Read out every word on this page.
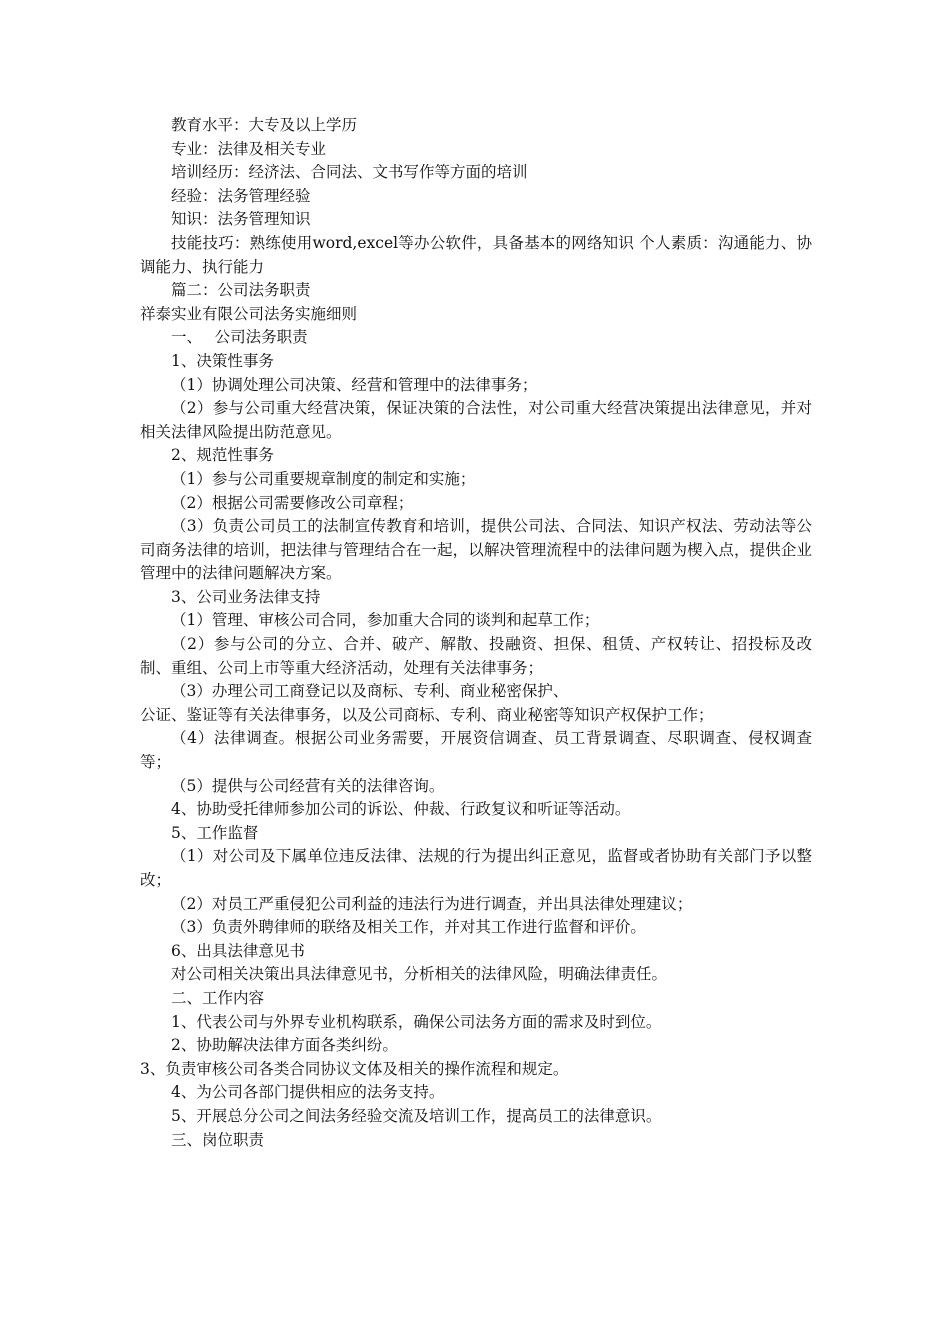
教育水平：大专及以上学历

专业：法律及相关专业

培训经历：经济法、合同法、文书写作等方面的培训

经验：法务管理经验

知识：法务管理知识

技能技巧：熟练使用word,excel等办公软件，具备基本的网络知识 个人素质：沟通能力、协调能力、执行能力

篇二：公司法务职责

祥泰实业有限公司法务实施细则

一、　 公司法务职责

1、决策性事务

（1）协调处理公司决策、经营和管理中的法律事务；

（2）参与公司重大经营决策，保证决策的合法性，对公司重大经营决策提出法律意见，并对相关法律风险提出防范意见。

2、规范性事务

（1）参与公司重要规章制度的制定和实施；

（2）根据公司需要修改公司章程；

（3）负责公司员工的法制宣传教育和培训，提供公司法、合同法、知识产权法、劳动法等公司商务法律的培训，把法律与管理结合在一起，以解决管理流程中的法律问题为楔入点，提供企业管理中的法律问题解决方案。

3、公司业务法律支持

（1）管理、审核公司合同，参加重大合同的谈判和起草工作；

（2）参与公司的分立、合并、破产、解散、投融资、担保、租赁、产权转让、招投标及改制、重组、公司上市等重大经济活动，处理有关法律事务；

（3）办理公司工商登记以及商标、专利、商业秘密保护、

公证、鉴证等有关法律事务，以及公司商标、专利、商业秘密等知识产权保护工作；

（4）法律调查。根据公司业务需要，开展资信调查、员工背景调查、尽职调查、侵权调查等；

（5）提供与公司经营有关的法律咨询。

4、协助受托律师参加公司的诉讼、仲裁、行政复议和听证等活动。

5、工作监督

（1）对公司及下属单位违反法律、法规的行为提出纠正意见，监督或者协助有关部门予以整改；

（2）对员工严重侵犯公司利益的违法行为进行调查，并出具法律处理建议；

（3）负责外聘律师的联络及相关工作，并对其工作进行监督和评价。

6、出具法律意见书

对公司相关决策出具法律意见书，分析相关的法律风险，明确法律责任。

二、工作内容

1、代表公司与外界专业机构联系，确保公司法务方面的需求及时到位。

2、协助解决法律方面各类纠纷。

3、负责审核公司各类合同协议文体及相关的操作流程和规定。

4、为公司各部门提供相应的法务支持。

5、开展总分公司之间法务经验交流及培训工作，提高员工的法律意识。

三、岗位职责
